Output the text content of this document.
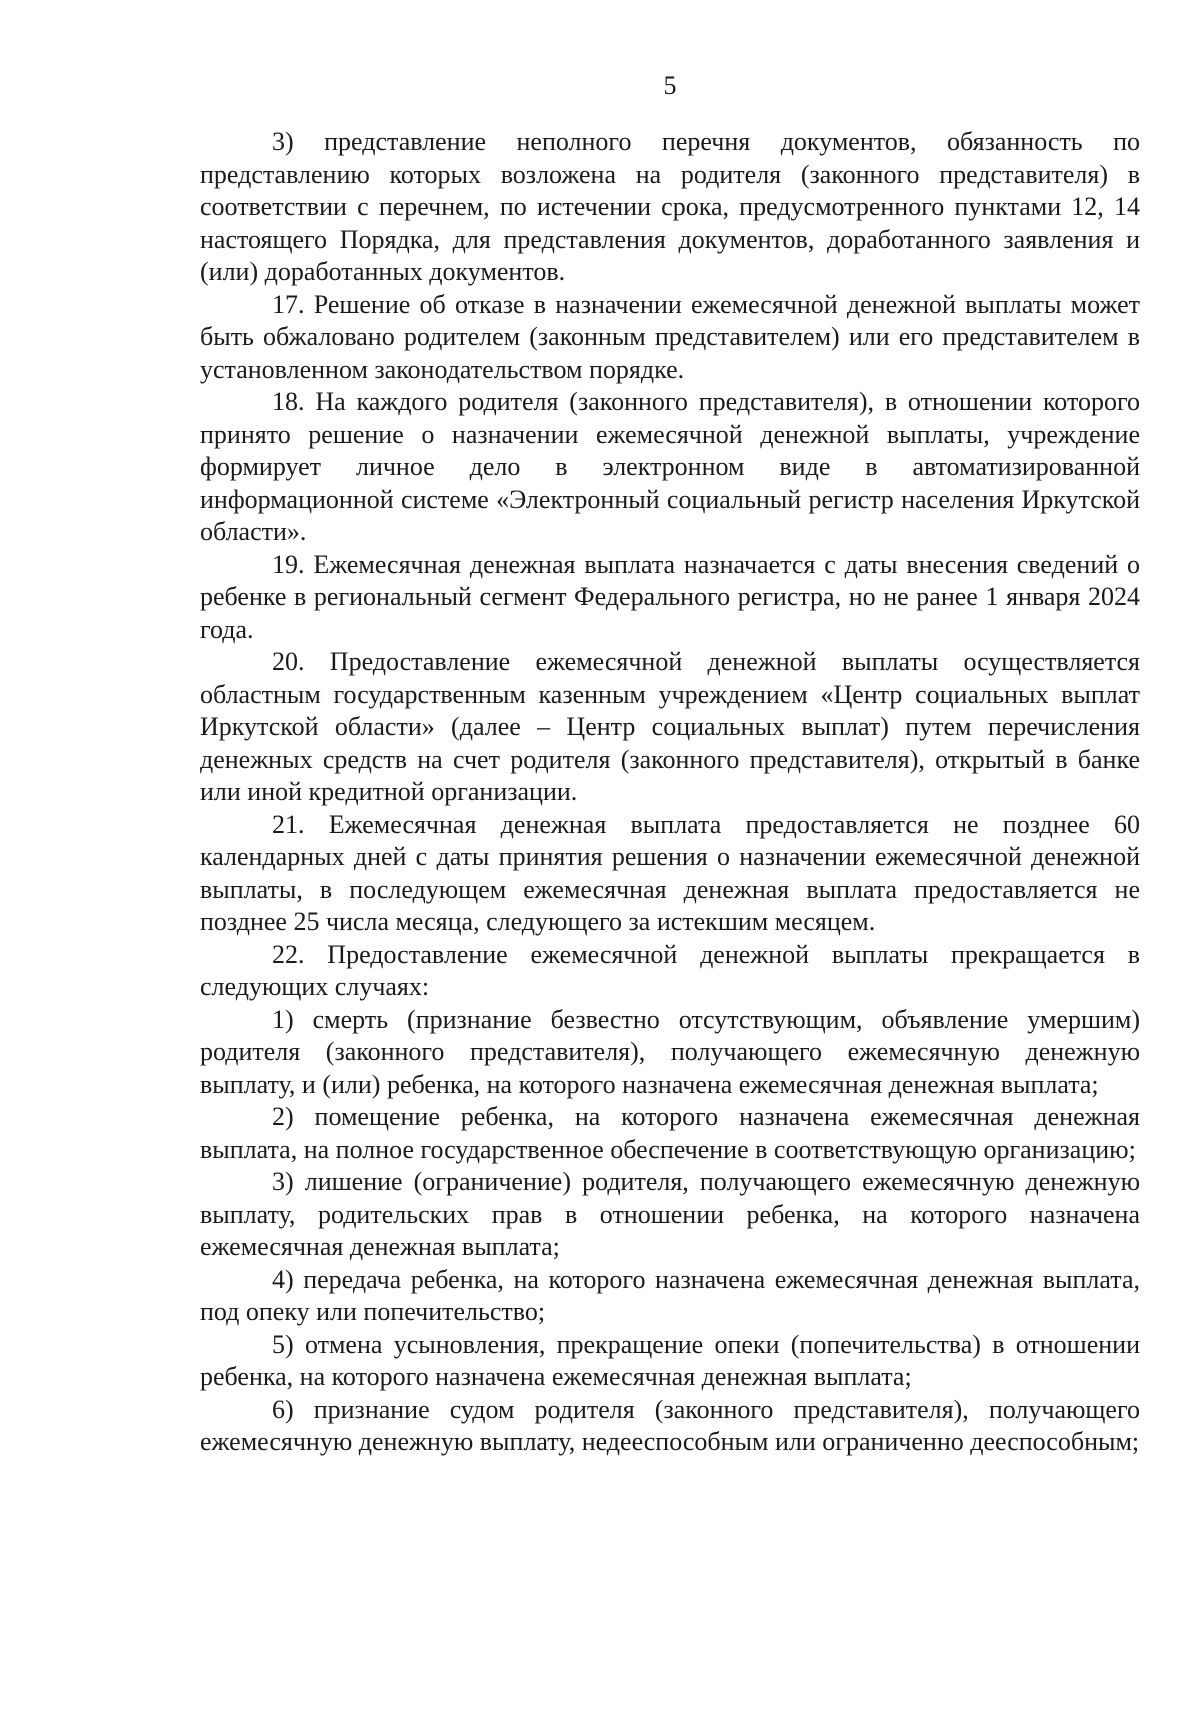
5

3) представление неполного перечня документов, обязанность по представлению которых возложена на родителя (законного представителя) в соответствии с перечнем, по истечении срока, предусмотренного пунктами 12, 14 настоящего Порядка, для представления документов, доработанного заявления и (или) доработанных документов.

17. Решение об отказе в назначении ежемесячной денежной выплаты может быть обжаловано родителем (законным представителем) или его представителем в установленном законодательством порядке.

18. На каждого родителя (законного представителя), в отношении которого принято решение о назначении ежемесячной денежной выплаты, учреждение формирует личное дело в электронном виде в автоматизированной информационной системе «Электронный социальный регистр населения Иркутской области».

19. Ежемесячная денежная выплата назначается с даты внесения сведений о ребенке в региональный сегмент Федерального регистра, но не ранее 1 января 2024 года.

20. Предоставление ежемесячной денежной выплаты осуществляется областным государственным казенным учреждением «Центр социальных выплат Иркутской области» (далее – Центр социальных выплат) путем перечисления денежных средств на счет родителя (законного представителя), открытый в банке или иной кредитной организации.

21. Ежемесячная денежная выплата предоставляется не позднее 60 календарных дней с даты принятия решения о назначении ежемесячной денежной выплаты, в последующем ежемесячная денежная выплата предоставляется не позднее 25 числа месяца, следующего за истекшим месяцем.

22. Предоставление ежемесячной денежной выплаты прекращается в следующих случаях:

1) смерть (признание безвестно отсутствующим, объявление умершим) родителя (законного представителя), получающего ежемесячную денежную выплату, и (или) ребенка, на которого назначена ежемесячная денежная выплата;

2) помещение ребенка, на которого назначена ежемесячная денежная выплата, на полное государственное обеспечение в соответствующую организацию;

3) лишение (ограничение) родителя, получающего ежемесячную денежную выплату, родительских прав в отношении ребенка, на которого назначена ежемесячная денежная выплата;

4) передача ребенка, на которого назначена ежемесячная денежная выплата, под опеку или попечительство;

5) отмена усыновления, прекращение опеки (попечительства) в отношении ребенка, на которого назначена ежемесячная денежная выплата;

6) признание судом родителя (законного представителя), получающего ежемесячную денежную выплату, недееспособным или ограниченно дееспособным;
